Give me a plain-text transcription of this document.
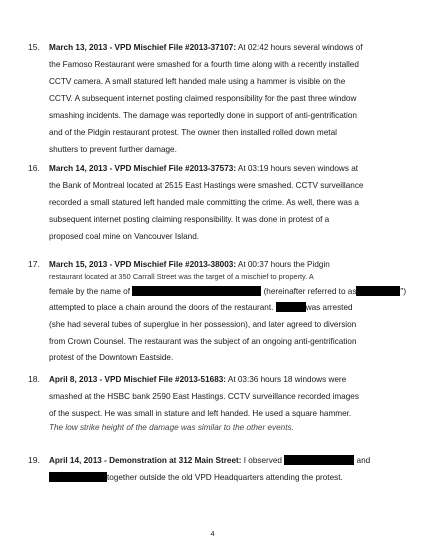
15. March 13, 2013 - VPD Mischief File #2013-37107: At 02:42 hours several windows of
the Famoso Restaurant were smashed for a fourth time along with a recently installed
CCTV camera. A small statured left handed male using a hammer is visible on the
CCTV. A subsequent internet posting claimed responsibility for the past three window
smashing incidents. The damage was reportedly done in support of anti-gentrification
and of the Pidgin restaurant protest. The owner then installed rolled down metal
shutters to prevent further damage.
16. March 14, 2013 - VPD Mischief File #2013-37573: At 03:19 hours seven windows at
the Bank of Montreal located at 2515 East Hastings were smashed. CCTV surveillance
recorded a small statured left handed male committing the crime. As well, there was a
subsequent internet posting claiming responsibility. It was done in protest of a
proposed coal mine on Vancouver Island.
17. March 15, 2013 - VPD Mischief File #2013-38003: At 00:37 hours the Pidgin
restaurant located at 350 Carrall Street was the target of a mischief to property. A
female by the name of	(hereinafter referred to as	")
attempted to place a chain around the doors of the restaurant.	was arrested
(she had several tubes of superglue in her possession), and later agreed to diversion
from Crown Counsel. The restaurant was the subject of an ongoing anti-gentrification
protest of the Downtown Eastside.
18. April 8, 2013 - VPD Mischief File #2013-51683: At 03:36 hours 18 windows were
smashed at the HSBC bank 2590 East Hastings. CCTV surveillance recorded images
of the suspect. He was small in stature and left handed. He used a square hammer.
The low strike height of the damage was similar to the other events.
19. April 14, 2013 - Demonstration at 312 Main Street: I observed	and
together outside the old VPD Headquarters attending the protest.
4
